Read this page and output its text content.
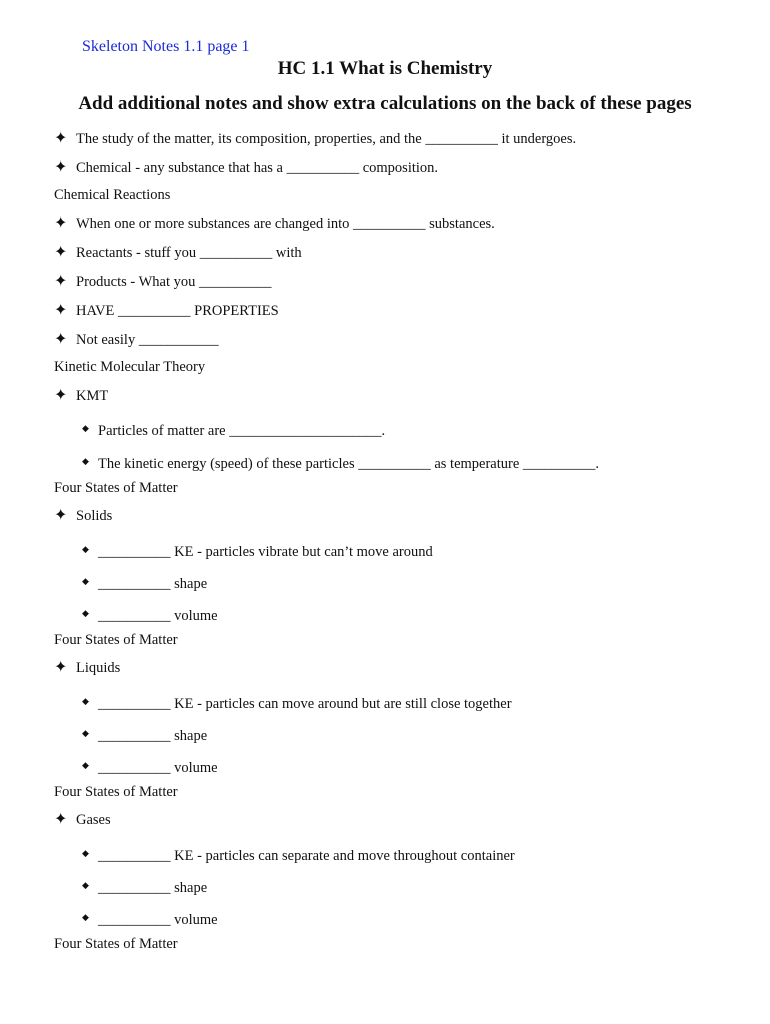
Skeleton Notes 1.1 page 1
HC 1.1 What is Chemistry
Add additional notes and show extra calculations on the back of these pages
✦ The study of the matter, its composition, properties, and the __________ it undergoes.
✦ Chemical - any substance that has a __________ composition.
Chemical Reactions
✦ When one or more substances are changed into __________ substances.
✦ Reactants - stuff you __________ with
✦ Products - What you __________
✦ HAVE __________ PROPERTIES
✦ Not easily ___________
Kinetic Molecular Theory
✦ KMT
◆ Particles of matter are _____________________.
◆ The kinetic energy (speed) of these particles __________ as temperature __________.
Four States of Matter
✦ Solids
◆ __________ KE - particles vibrate but can’t move around
◆ __________ shape
◆ __________ volume
Four States of Matter
✦ Liquids
◆ __________ KE - particles can move around but are still close together
◆ __________ shape
◆ __________ volume
Four States of Matter
✦ Gases
◆ __________ KE - particles can separate and move throughout container
◆ __________ shape
◆ __________ volume
Four States of Matter
